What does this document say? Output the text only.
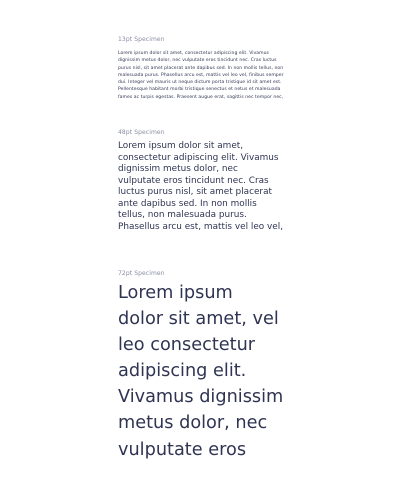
13pt Specimen

Lorem ipsum dolor sit amet, consectetur adipiscing elit. Vivamus
dignissim metus dolor, nec vulputate eros tincidunt nec. Cras luctus
purus nisl, sit amet placerat ante dapibus sed. In non mollis tellus, non
malesuada purus. Phasellus arcu est, mattis vel leo vel, finibus semper
dui. Integer vel mauris ut neque dictum porta tristique id sit amet est.
Pellentesque habitant morbi tristique senectus et netus et malesuada
fames ac turpis egestas. Praesent augue erat, sagittis nec tempor nec,

48pt Specimen

Lorem ipsum dolor sit amet,
consectetur adipiscing elit. Vivamus
dignissim metus dolor, nec
vulputate eros tincidunt nec. Cras
luctus purus nisl, sit amet placerat
ante dapibus sed. In non mollis
tellus, non malesuada purus.
Phasellus arcu est, mattis vel leo vel,

72pt Specimen

Lorem ipsum
dolor sit amet, vel
leo consectetur
adipiscing elit.
Vivamus dignissim
metus dolor, nec
vulputate eros
